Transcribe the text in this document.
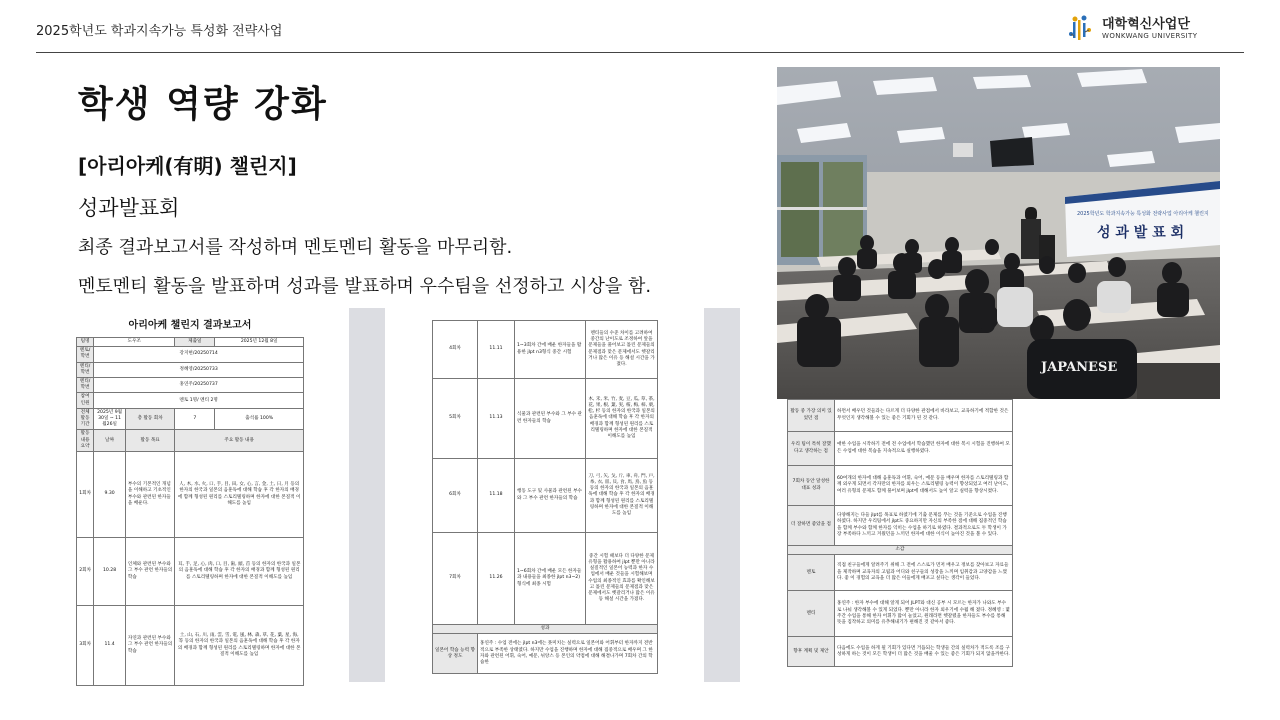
2025학년도 학과지속가능 특성화 전략사업	대학혁신사업단
WONKWANG UNIVERSITY
학생 역량 강화
[아리아케(有明) 챌린지]
성과발표회
최종 결과보고서를 작성하며 멘토멘티 활동을 마무리함.
멘토멘티 활동을 발표하며 성과를 발표하며 우수팀을 선정하고 시상을 함.
2025학년도 학과지속가능 특성화 전략사업 아리아케 챌린지
성 과 발 표 회
JAPANESE
아리아케 챌린지 결과보고서
팀명	도우조		제출일	2025년 12월 8일
멘토/학번	강지현/20250714			
멘티/학번	정혜영/20250733			
멘티/학번	홍연주/20250737			
참여 인원	멘토 1명/ 멘티 2명			
전체 활동 기간	2025년 9월 30일 ~ 11월26일	총 활동 회차	7	출석률 100%
활동 내용 요약	날짜	활동 목표	주요 활동 내용	
1회차	9.30	부수의 기본적인 개념을 이해하고 기초적인 부수와 관련된 한자들을 배운다.	人, 木, 水, 火, 口, 手, 目, 田, 女, 心, 言, 金, 土, 日, 月 등의 한자의 한국과 일본의 음훈독에 대해 학습 후 각 한자의 배경에 함께 형성된 원리를 스토리텔링하며 한자에 대한 본질적 이해도를 높임	
2회차	10.28	인체와 관련된 부수와 그 부수 관련 한자들의 학습	耳, 手, 足, 心, 肉, 口, 目, 歯, 頭, 首 등의 한자의 한국과 일본의 음훈독에 대해 학습 후 각 한자의 배경과 함께 형성된 원리를 스토리텔링하며 한자에 대한 본질적 이해도를 높임	
3회차	11.4	자연과 관련된 부수와 그 부수 관련 한자들의 학습	土, 山, 石, 川, 雨, 雲, 雪, 電, 風, 林, 森, 草, 花, 葉, 星, 海, 等 등의 한자의 한국과 일본의 음훈독에 대해 학습 후 각 한자의 배경과 함께 형성된 원리를 스토리텔링하며 한자에 대한 본질적 이해도를 높임	
4회차	11.11	1~3회차 간에 배운 한자들을 활용한 jlpt n3형식 중간 시험	멘티들의 수준 차이를 고려하여 중간의 난이도로 조정하여 앞을 문제들을 풀어보고 틀린 문제들의 문제점과 맞은 문제에서도 헷갈리거나 많은 이유 등 해설 시간을 가졌다.
5회차	11.13	식물과 관련된 부수와 그 부수 관련 한자들의 학습	木, 禾, 米, 竹, 麦, 豆, 瓜, 草, 茶, 花, 果, 根, 葉, 実, 桜, 梅, 柿, 栗, 松, 杉 등의 한자의 한국과 일본의 음훈독에 대해 학습 후 각 한자의 배경과 함께 형성된 원리를 스토리텔링하며 한자에 대한 본질적 이해도를 높임
6회차	11.18	행동 도구 및 사물과 관련된 부수와 그 부수 관련 한자들의 학습	刀, 弓, 矢, 戈, 斤, 車, 舟, 門, 戸, 糸, 衣, 皿, 貝, 食, 馬, 鳥, 魚 등 등의 한자의 한국과 일본의 음훈독에 대해 학습 후 각 한자의 배경과 함께 형성된 원리를 스토리텔링하며 한자에 대한 본질적 이해도를 높임
7회차	11.26	1~6회차 간에 배운 모든 한자들과 내용들을 최종한 jlpt n3~2) 형식에 최종 시험	중간 시험 때보다 더 다양한 문제 유형을 활용하여 jlpt 뿐만 아니라 실질적인 일본어 능력과 한자 수업에서 배운 것들을 시험해보며 수업의 최종적인 효과를 확인해보고 틀린 문제들의 문제점과 맞은 문제에서도 헷갈리거나 많은 이유 등 해설 시간을 가졌다.
성과			
일본어 학습 능력 향상 정도	홍연주 : 수업 전에는 jlpt n3에는 못미치는 실력으로 일본어와 어휘부터 한자까지 전반적으로 부족한 상태였다. 하지만 수업을 진행하며 한자에 대해 집중적으로 배우며 그 한자와 관련된 어휘, 숙어, 예문, 뉘앙스 등 본인의 약점에 대해 해결나가며 7회차 간의 학습한		
활동 중 가장 의미 있었던 점	하면서 배우던 것들과는 다르게 더 다양한 관점에서 바라보고, 교육하기에 적합한 것은 무엇인지 생각해볼 수 있는 좋은 기회가 된 것 같다.
우리 팀이 특히 잘했다고 생각하는 점	애한 수업을 시작하기 전에 전 수업에서 학습했던 한자에 대한 복시 시험을 진행하여 모든 수업에 대한 복습을 지속적으로 실행하였다.
7회차 동안 달성한 대표 성과	60여개의 한자에 대해 음훈독과 어휘, 숙어, 예문 등을 배우며 한자를 스토리텔링과 함께 외우게 되면서 각자만의 한자를 외우는 스토리텔링 능력이 향상되었고 여러 난이도, 여러 유형의 문제도 함께 풀어보며 jlpt에 대해서도 높이 알고 실력을 향상시켰다.
더 잘하면 좋았을 점	다양해지는 다들 jlpt를 목표로 하였기에 기출 문제를 푸는 것을 기준으로 수업을 진행하였다. 하지만 우리팀에서 jlpt도 중요하지만 자신의 부족한 점에 대해 집중적인 학습을 함께 부수와 함께 한자를 익히는 수업을 하기로 하였다. 결과적으로도 두 학생이 가장 부족하다 느끼고 겨웠던을 느끼던 한자에 대한 이식이 높아진 것을 볼 수 있다.
소감	
멘토	직접 친구들에게 알려주기 위해 그 전에 스스로가 먼저 배우고 정보를 찾아보고 자료들을 제작하며 교육자의 고립과 어디와 친구들의 성장을 느끼며 임취감과 고양감을 느꼈다. 좋 이 경험의 교육을 더 많은 이들에게 배포고 싶다는 생각이 들었다.
멘티	홍연주 : 한자 부수에 대해 알게 되어 JLPT와 대신 공부 시 모르는 한자가 나와도 부수로 나눠 생각해볼 수 있게 되었다. 뿐만 아니라 한자 외우기에 수월 해 졌다. 정혜영 : 몇주간 수업을 통해 한자 어휘가 많이 늘었고, 원래라면 헷갈렸을 한자들도 부수를 통해 뜻을 짐작하고 의미를 유추해내기가 편해진 것 같아서 좋다.
향후 계획 및 제안	다음에도 수업을 하게 될 기회가 있다면 거듭되는 학생들 간의 실력차가 적도록 조를 구성하게 하는 것이 모든 학생이 더 많은 것을 배울 수 있는 좋은 기회가 되지 않을까한다.
